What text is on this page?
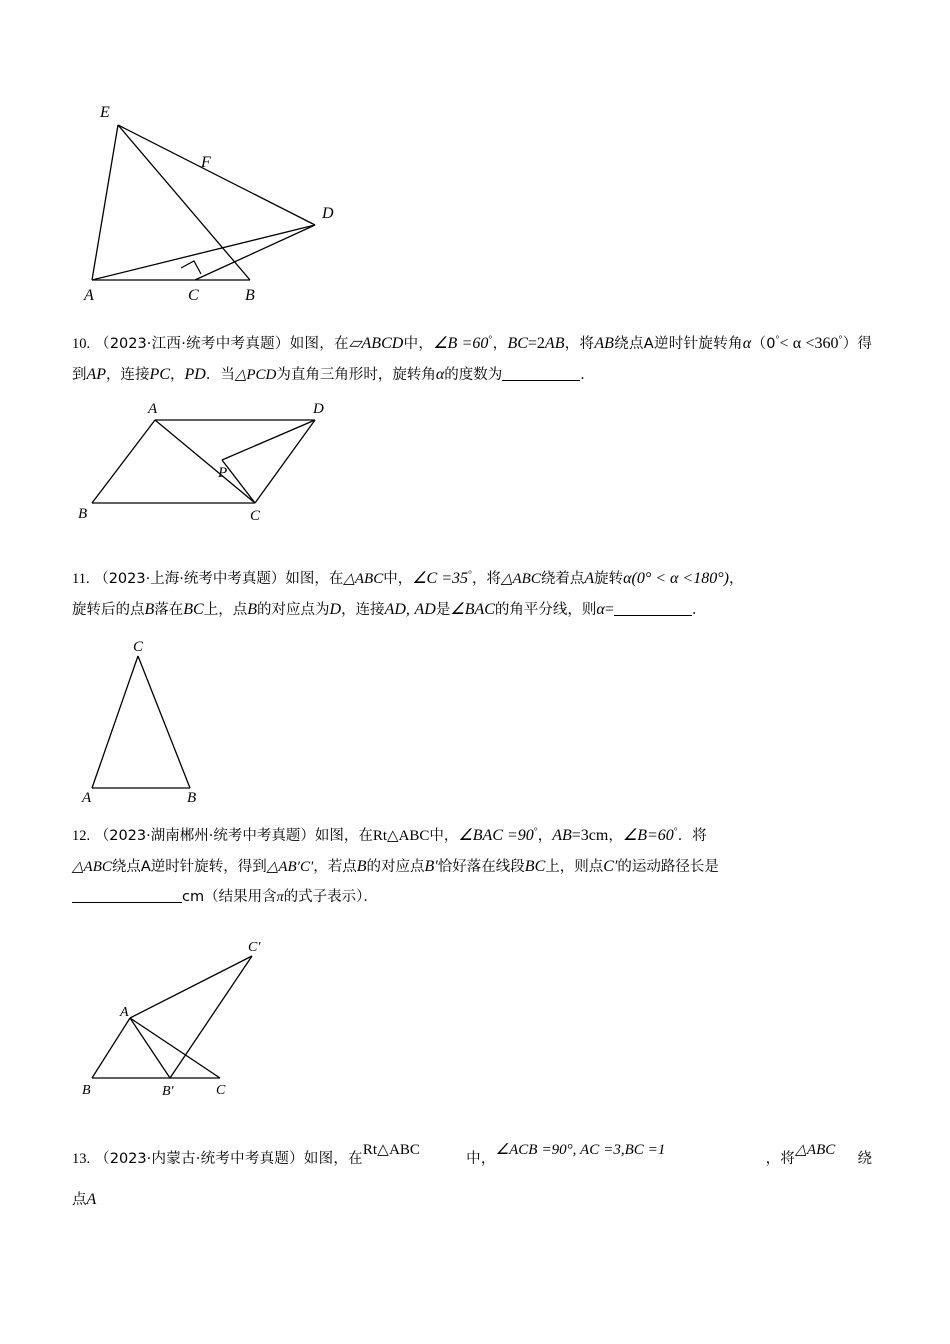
E
F
D
A	C	B

10. （2023·江西·统考中考真题）如图，在▱ABCD中，∠B =60°，BC=2AB，将AB绕点A逆时针旋转角α（0°< α <360°）得到AP，连接PC，PD．当△PCD为直角三角形时，旋转角α的度数为	．

A	D
P
B	C

11. （2023·上海·统考中考真题）如图，在△ABC中，∠C =35°，将△ABC绕着点A旋转α(0° < α <180°)，
旋转后的点B落在BC上，点B的对应点为D，连接AD, AD是∠BAC的角平分线，则α=	．

C
A	B

12. （2023·湖南郴州·统考中考真题）如图，在Rt△ABC中，∠BAC =90°，AB=3cm，∠B=60°．将
△ABC绕点A逆时针旋转，得到△AB′C′，若点B的对应点B′恰好落在线段BC上，则点C′的运动路径长是
cm（结果用含π的式子表示）．

C′
A
B	B′	C

13. （2023·内蒙古·统考中考真题）如图，在Rt△ABC中，∠ACB =90°, AC =3,BC =1，将△ABC绕点A
